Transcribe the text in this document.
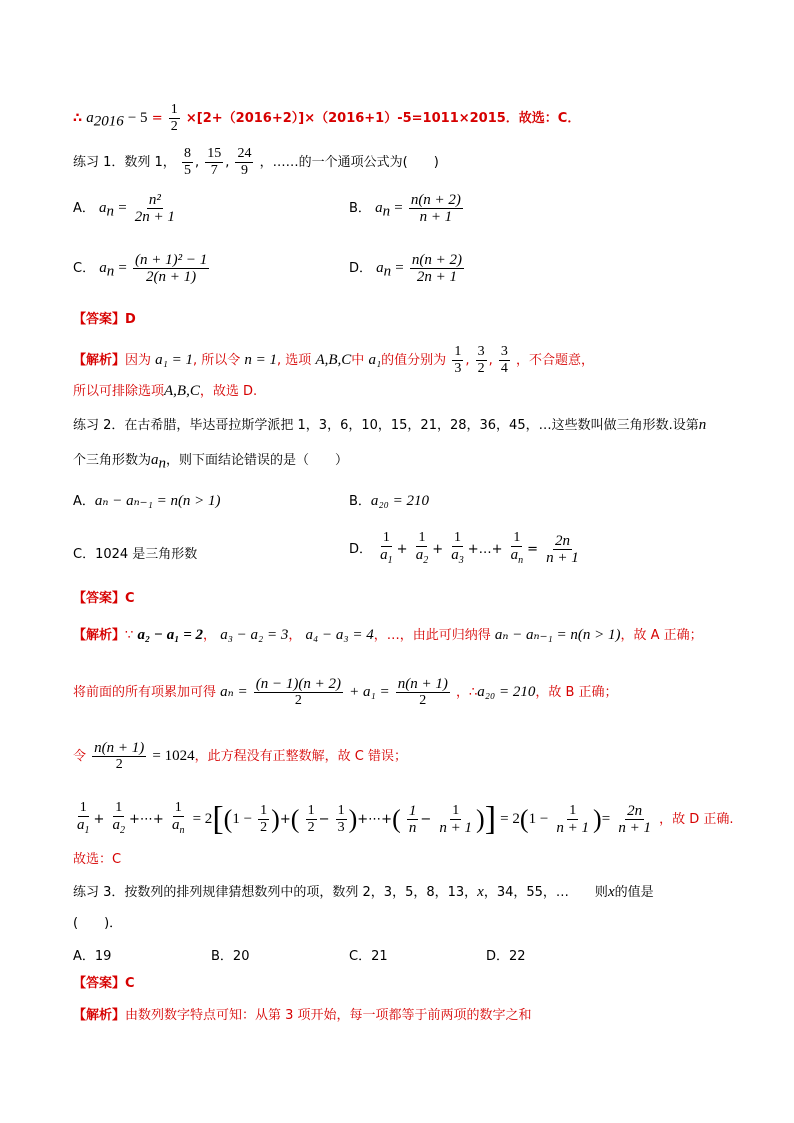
∴ $a_{2016} - 5 = \frac{1}{2} \times[2+(2016+2)]\times(2016+1)-5=1011\times 2015$．故选：C．
练习 1．数列 1， $\frac{8}{5}$ , $\frac{15}{7}$ , $\frac{24}{9}$ ，……的一个通项公式为(　　)
A． $a_n = \frac{\text{n²}}{2n + 1}$	B． $a_n = \frac{n(n + 2)}{n + 1}$
C． $a_n = \frac{\text{(n + 1)² − 1}}{2(n + 1)}$	D． $a_n = \frac{n(n + 2)}{2n + 1}$
【答案】D
【解析】因为 a₁ = 1, 所以令 n = 1, 选项 A,B,C中 a₁的值分别为 $\frac{1}{3}$ , $\frac{3}{2}$ , $\frac{3}{4}$ ，不合题意，
所以可排除选项A,B,C，故选 D.
练习 2．在古希腊，毕达哥拉斯学派把 1，3，6，10，15，21，28，36，45，…这些数叫做三角形数.设第n
个三角形数为$a_n$，则下面结论错误的是（　　）
A．aₙ − aₙ₋₁ = n(n > 1)	B．a₂₀ = 210
C．1024 是三角形数	D． $\frac{1}{a_1} + \frac{1}{a_2} + \frac{1}{a_3}$ +…+ $\frac{1}{a_n} = \frac{2n}{n + 1}$
【答案】C
【解析】∵ a₂ − a₁ = 2， a₃ − a₂ = 3， a₄ − a₃ = 4，…，由此可归纳得 aₙ − aₙ₋₁ = n(n > 1)，故 A 正确；
将前面的所有项累加可得 $a_n = \frac{(n - 1)(n + 2)}{2} + a_1 = \frac{n(n + 1)}{2}$ ，∴a₂₀ = 210，故 B 正确；
令 $\frac{n(n + 1)}{2} = 1024$，此方程没有正整数解，故 C 错误；
$\frac{1}{a_1} + \frac{1}{a_2}$ +⋯+ $\frac{1}{a_n} = 2[(1 - \frac{1}{2}$ )+( $\frac{1}{2} - \frac{1}{3}$ )+⋯+( $\frac{1}{n} - \frac{1}{n + 1}$ )] = $2(1 - \frac{1}{n + 1}$ )= $\frac{2n}{n + 1}$ ，故 D 正确.
故选：C
练习 3．按数列的排列规律猜想数列中的项，数列 2，3，5，8，13，x，34，55，…　　则x的值是
(　　)．
A．19	B．20	C．21	D．22
【答案】C
【解析】由数列数字特点可知：从第 3 项开始，每一项都等于前两项的数字之和
